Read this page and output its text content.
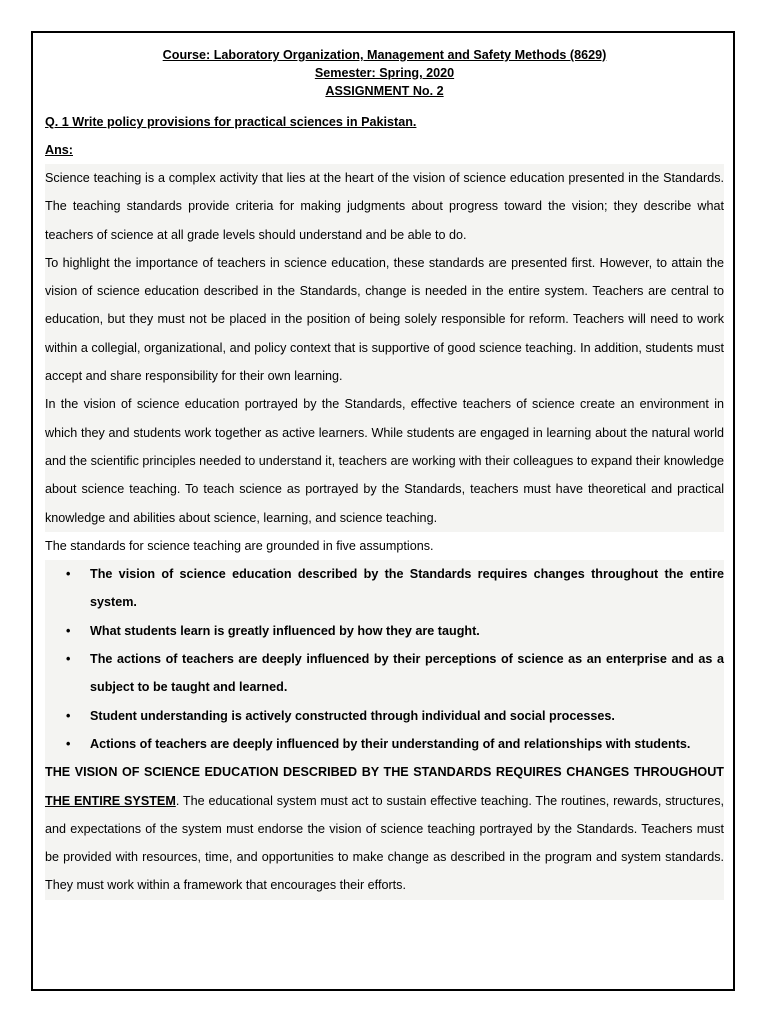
Course: Laboratory Organization, Management and Safety Methods (8629)
Semester: Spring, 2020
ASSIGNMENT No. 2
Q. 1 Write policy provisions for practical sciences in Pakistan.
Ans:

Science teaching is a complex activity that lies at the heart of the vision of science education presented in the Standards. The teaching standards provide criteria for making judgments about progress toward the vision; they describe what teachers of science at all grade levels should understand and be able to do.

To highlight the importance of teachers in science education, these standards are presented first. However, to attain the vision of science education described in the Standards, change is needed in the entire system. Teachers are central to education, but they must not be placed in the position of being solely responsible for reform. Teachers will need to work within a collegial, organizational, and policy context that is supportive of good science teaching. In addition, students must accept and share responsibility for their own learning.

In the vision of science education portrayed by the Standards, effective teachers of science create an environment in which they and students work together as active learners. While students are engaged in learning about the natural world and the scientific principles needed to understand it, teachers are working with their colleagues to expand their knowledge about science teaching. To teach science as portrayed by the Standards, teachers must have theoretical and practical knowledge and abilities about science, learning, and science teaching.

The standards for science teaching are grounded in five assumptions.

• The vision of science education described by the Standards requires changes throughout the entire system.
• What students learn is greatly influenced by how they are taught.
• The actions of teachers are deeply influenced by their perceptions of science as an enterprise and as a subject to be taught and learned.
• Student understanding is actively constructed through individual and social processes.
• Actions of teachers are deeply influenced by their understanding of and relationships with students.

THE VISION OF SCIENCE EDUCATION DESCRIBED BY THE STANDARDS REQUIRES CHANGES THROUGHOUT THE ENTIRE SYSTEM. The educational system must act to sustain effective teaching. The routines, rewards, structures, and expectations of the system must endorse the vision of science teaching portrayed by the Standards. Teachers must be provided with resources, time, and opportunities to make change as described in the program and system standards. They must work within a framework that encourages their efforts.
